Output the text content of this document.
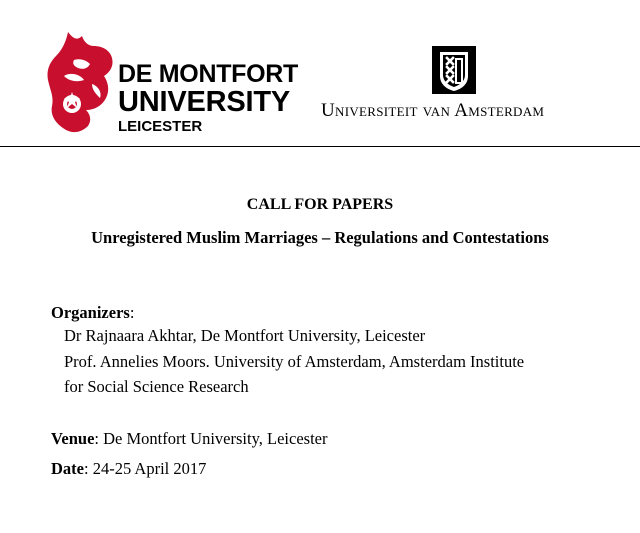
DE MONTFORT
UNIVERSITY
LEICESTER
Universiteit van Amsterdam
CALL FOR PAPERS
Unregistered Muslim Marriages – Regulations and Contestations
Organizers:
Dr Rajnaara Akhtar, De Montfort University, Leicester
Prof. Annelies Moors. University of Amsterdam, Amsterdam Institute
for Social Science Research
Venue: De Montfort University, Leicester
Date: 24-25 April 2017
